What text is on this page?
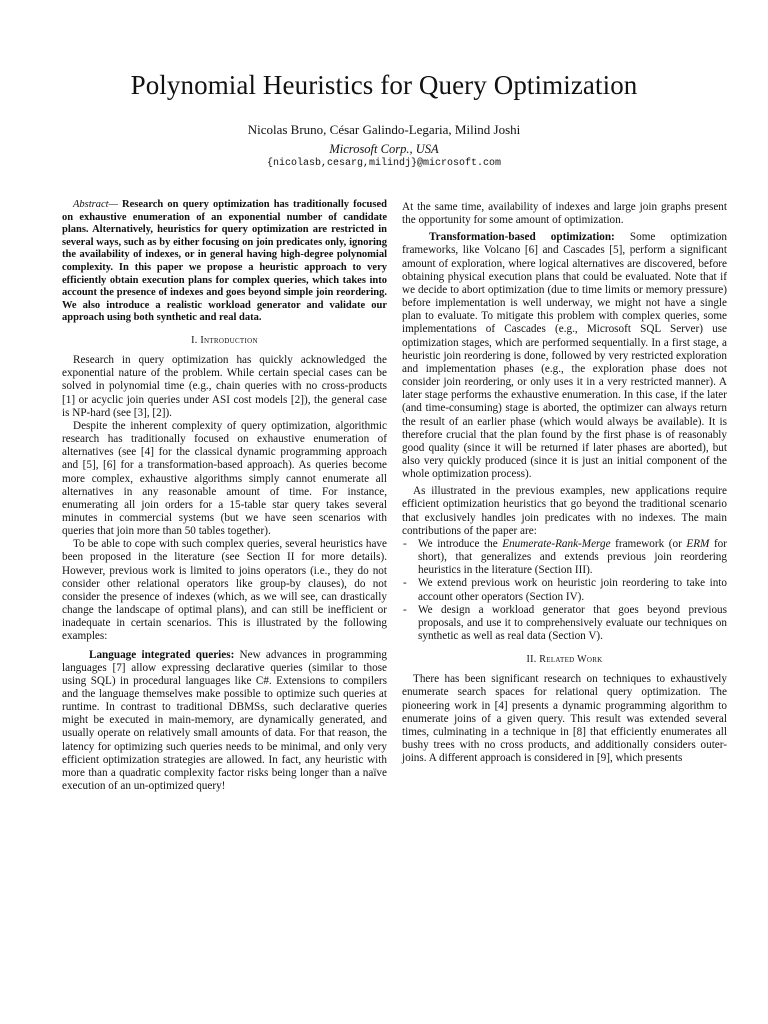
Polynomial Heuristics for Query Optimization
Nicolas Bruno, César Galindo-Legaria, Milind Joshi
Microsoft Corp., USA
{nicolasb,cesarg,milindj}@microsoft.com
Abstract— Research on query optimization has traditionally focused on exhaustive enumeration of an exponential number of candidate plans. Alternatively, heuristics for query optimization are restricted in several ways, such as by either focusing on join predicates only, ignoring the availability of indexes, or in general having high-degree polynomial complexity. In this paper we propose a heuristic approach to very efficiently obtain execution plans for complex queries, which takes into account the presence of indexes and goes beyond simple join reordering. We also introduce a realistic workload generator and validate our approach using both synthetic and real data.
I. Introduction

Research in query optimization has quickly acknowledged the exponential nature of the problem. While certain special cases can be solved in polynomial time (e.g., chain queries with no cross-products [1] or acyclic join queries under ASI cost models [2]), the general case is NP-hard (see [3], [2]).

Despite the inherent complexity of query optimization, algorithmic research has traditionally focused on exhaustive enumeration of alternatives (see [4] for the classical dynamic programming approach and [5], [6] for a transformation-based approach). As queries become more complex, exhaustive algorithms simply cannot enumerate all alternatives in any reasonable amount of time. For instance, enumerating all join orders for a 15-table star query takes several minutes in commercial systems (but we have seen scenarios with queries that join more than 50 tables together).

To be able to cope with such complex queries, several heuristics have been proposed in the literature (see Section II for more details). However, previous work is limited to joins operators (i.e., they do not consider other relational operators like group-by clauses), do not consider the presence of indexes (which, as we will see, can drastically change the landscape of optimal plans), and can still be inefficient or inadequate in certain scenarios. This is illustrated by the following examples:

Language integrated queries: New advances in programming languages [7] allow expressing declarative queries (similar to those using SQL) in procedural languages like C#. Extensions to compilers and the language themselves make possible to optimize such queries at runtime. In contrast to traditional DBMSs, such declarative queries might be executed in main-memory, are dynamically generated, and usually operate on relatively small amounts of data. For that reason, the latency for optimizing such queries needs to be minimal, and only very efficient optimization strategies are allowed. In fact, any heuristic with more than a quadratic complexity factor risks being longer than a naïve execution of an un-optimized query!

At the same time, availability of indexes and large join graphs present the opportunity for some amount of optimization.

Transformation-based optimization: Some optimization frameworks, like Volcano [6] and Cascades [5], perform a significant amount of exploration, where logical alternatives are discovered, before obtaining physical execution plans that could be evaluated. Note that if we decide to abort optimization (due to time limits or memory pressure) before implementation is well underway, we might not have a single plan to evaluate. To mitigate this problem with complex queries, some implementations of Cascades (e.g., Microsoft SQL Server) use optimization stages, which are performed sequentially. In a first stage, a heuristic join reordering is done, followed by very restricted exploration and implementation phases (e.g., the exploration phase does not consider join reordering, or only uses it in a very restricted manner). A later stage performs the exhaustive enumeration. In this case, if the later (and time-consuming) stage is aborted, the optimizer can always return the result of an earlier phase (which would always be available). It is therefore crucial that the plan found by the first phase is of reasonably good quality (since it will be returned if later phases are aborted), but also very quickly produced (since it is just an initial component of the whole optimization process).

As illustrated in the previous examples, new applications require efficient optimization heuristics that go beyond the traditional scenario that exclusively handles join predicates with no indexes. The main contributions of the paper are:

- We introduce the Enumerate-Rank-Merge framework (or ERM for short), that generalizes and extends previous join reordering heuristics in the literature (Section III).
- We extend previous work on heuristic join reordering to take into account other operators (Section IV).
- We design a workload generator that goes beyond previous proposals, and use it to comprehensively evaluate our techniques on synthetic as well as real data (Section V).
II. Related Work

There has been significant research on techniques to exhaustively enumerate search spaces for relational query optimization. The pioneering work in [4] presents a dynamic programming algorithm to enumerate joins of a given query. This result was extended several times, culminating in a technique in [8] that efficiently enumerates all bushy trees with no cross products, and additionally considers outer-joins. A different approach is considered in [9], which presents
